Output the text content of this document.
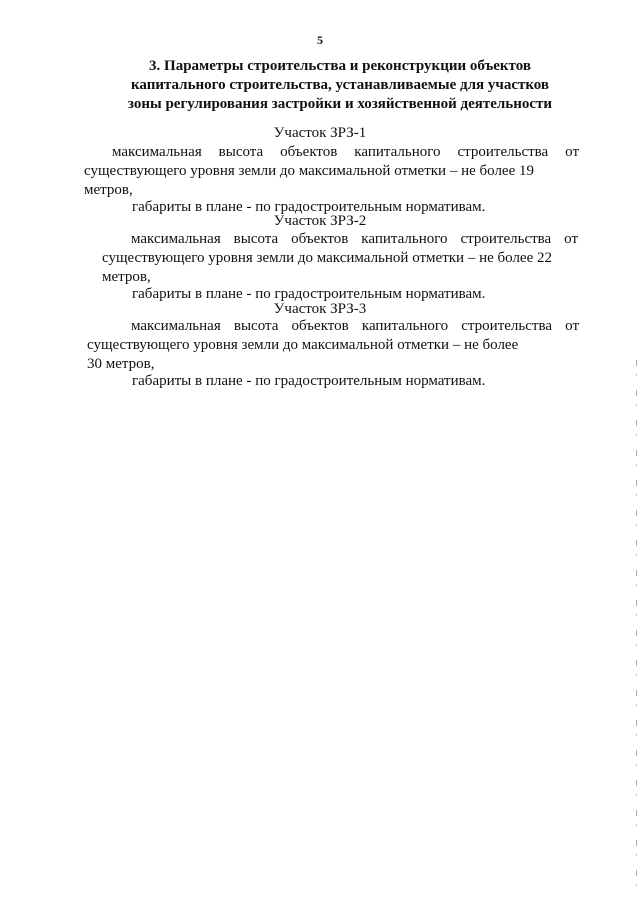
5
3. Параметры строительства и реконструкции объектов
капитального строительства, устанавливаемые для участков
зоны регулирования застройки и хозяйственной деятельности
Участок ЗРЗ-1
максимальная высота объектов капитального строительства от
существующего уровня земли до максимальной отметки – не более 19
метров,
габариты в плане - по градостроительным нормативам.
Участок ЗРЗ-2
максимальная высота объектов капитального строительства от
существующего уровня земли до максимальной отметки – не более 22
метров,
габариты в плане - по градостроительным нормативам.
Участок ЗРЗ-3
максимальная высота объектов капитального строительства от
существующего уровня земли до максимальной отметки – не более
30 метров,
габариты в плане - по градостроительным нормативам.
